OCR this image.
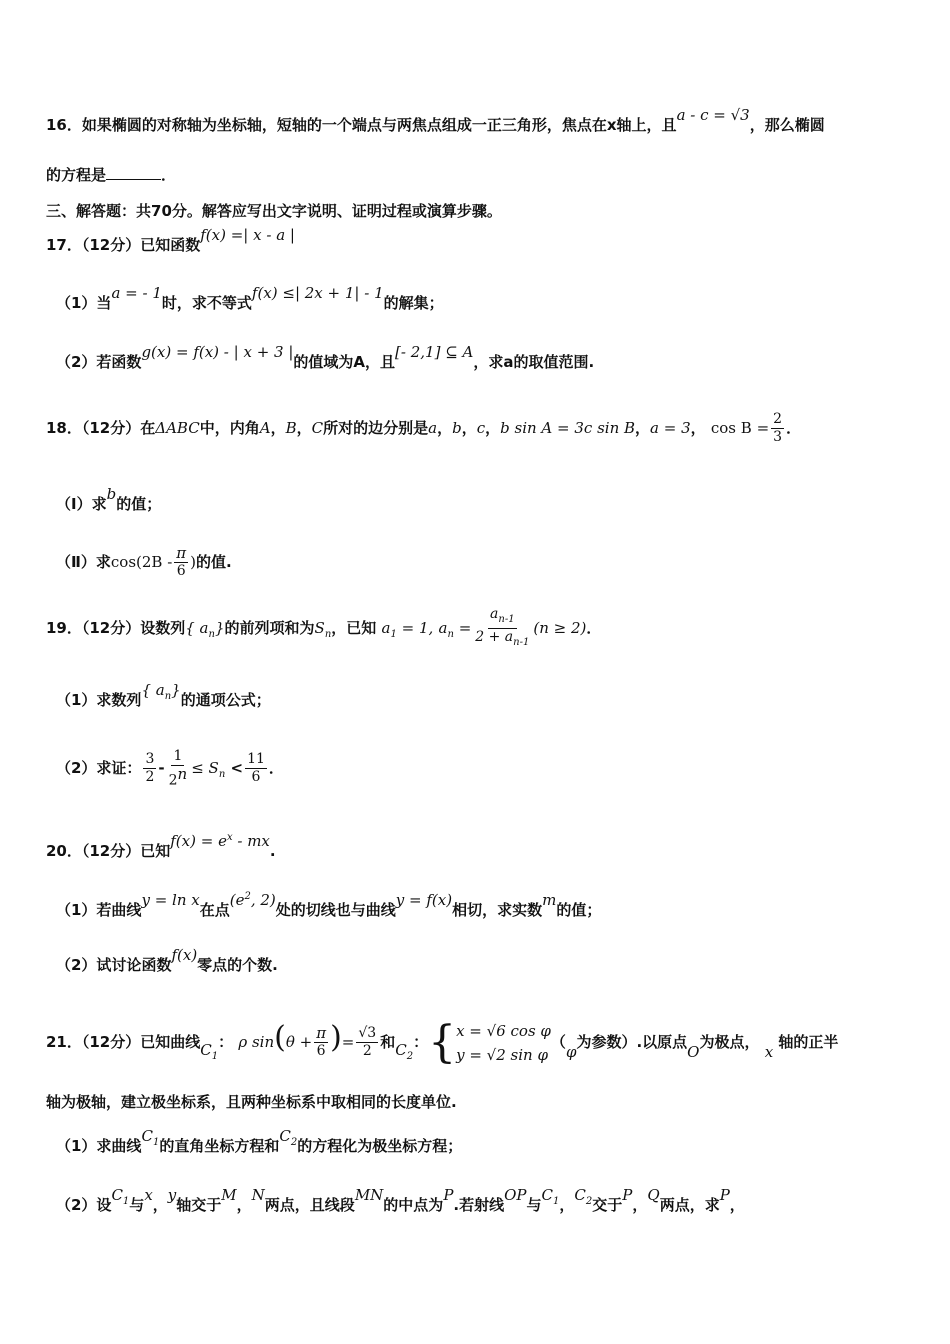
16．如果椭圆的对称轴为坐标轴，短轴的一个端点与两焦点组成一正三角形，焦点在x轴上，且a - c = √3，那么椭圆
的方程是	．
三、解答题：共70分。解答应写出文字说明、证明过程或演算步骤。
17．（12分）已知函数f(x) =| x - a |
（1）当a = - 1时，求不等式f(x) ≤| 2x + 1| - 1的解集；
（2）若函数g(x) = f(x) - | x + 3 |的值域为A，且[- 2,1] ⊆ A，求a的取值范围.
18．（12分）在ΔABC中，内角A，B，C所对的边分别是a，b，c，b sin A = 3c sin B，a = 3， $\cos B = \frac{2}{3}$ ．
（Ⅰ）求b的值；
（Ⅱ）求$\cos(2B - \frac{\pi}{6}$ )的值.
19．（12分）设数列{ $a_n$}的前列项和为$S_n$，已知 $a_1 = 1$, $a_n = \frac{a_{n-1}}{2 + a_{n-1}} (n \ge 2)$．
（1）求数列{ $a_n$}的通项公式；
（2）求证： $\frac{3}{2} - \frac{1}{2^n} \le S_n < \frac{11}{6}$ ．
20．（12分）已知$f(x) = e^x$ - mx.
（1）若曲线y = ln x在点($e^2$, 2)处的切线也与曲线y = f(x)相切，求实数m的值；
（2）试讨论函数f(x)零点的个数.
21．（12分）已知曲线$C_1$： ρ $\sin(\theta + \frac{\pi}{6}$ )= $\frac{√3}{2}$ 和$C_2$： { x = √6 cos φ
y = √2 sin φ
（φ为参数）.以原点O为极点， x 轴的正半
轴为极轴，建立极坐标系，且两种坐标系中取相同的长度单位.
（1）求曲线$C_1$的直角坐标方程和$C_2$的方程化为极坐标方程；
（2）设$C_1$与x，y轴交于M，N两点，且线段MN的中点为P.若射线OP与$C_1$，$C_2$交于P，Q两点，求P，
